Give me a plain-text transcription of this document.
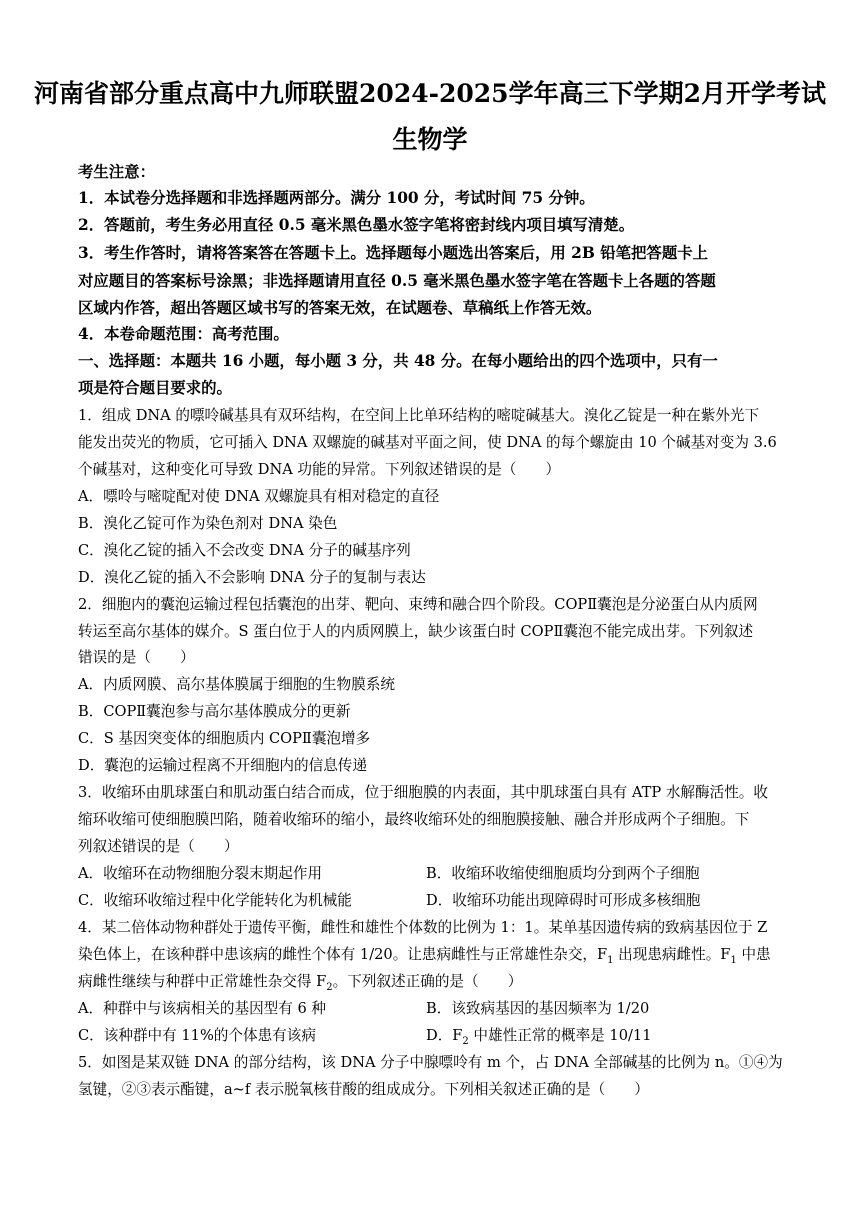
河南省部分重点高中九师联盟2024-2025学年高三下学期2月开学考试
生物学
考生注意：
1．本试卷分选择题和非选择题两部分。满分 100 分，考试时间 75 分钟。
2．答题前，考生务必用直径 0.5 毫米黑色墨水签字笔将密封线内项目填写清楚。
3．考生作答时，请将答案答在答题卡上。选择题每小题选出答案后，用 2B 铅笔把答题卡上
对应题目的答案标号涂黑；非选择题请用直径 0.5 毫米黑色墨水签字笔在答题卡上各题的答题
区域内作答，超出答题区域书写的答案无效，在试题卷、草稿纸上作答无效。
4．本卷命题范围：高考范围。
一、选择题：本题共 16 小题，每小题 3 分，共 48 分。在每小题给出的四个选项中，只有一
项是符合题目要求的。
1．组成 DNA 的嘌呤碱基具有双环结构，在空间上比单环结构的嘧啶碱基大。溴化乙锭是一种在紫外光下
能发出荧光的物质，它可插入 DNA 双螺旋的碱基对平面之间，使 DNA 的每个螺旋由 10 个碱基对变为 3.6
个碱基对，这种变化可导致 DNA 功能的异常。下列叙述错误的是（　　）
A．嘌呤与嘧啶配对使 DNA 双螺旋具有相对稳定的直径
B．溴化乙锭可作为染色剂对 DNA 染色
C．溴化乙锭的插入不会改变 DNA 分子的碱基序列
D．溴化乙锭的插入不会影响 DNA 分子的复制与表达
2．细胞内的囊泡运输过程包括囊泡的出芽、靶向、束缚和融合四个阶段。COPⅡ囊泡是分泌蛋白从内质网
转运至高尔基体的媒介。S 蛋白位于人的内质网膜上，缺少该蛋白时 COPⅡ囊泡不能完成出芽。下列叙述
错误的是（　　）
A．内质网膜、高尔基体膜属于细胞的生物膜系统
B．COPⅡ囊泡参与高尔基体膜成分的更新
C．S 基因突变体的细胞质内 COPⅡ囊泡增多
D．囊泡的运输过程离不开细胞内的信息传递
3．收缩环由肌球蛋白和肌动蛋白结合而成，位于细胞膜的内表面，其中肌球蛋白具有 ATP 水解酶活性。收
缩环收缩可使细胞膜凹陷，随着收缩环的缩小，最终收缩环处的细胞膜接触、融合并形成两个子细胞。下
列叙述错误的是（　　）
A．收缩环在动物细胞分裂末期起作用	B．收缩环收缩使细胞质均分到两个子细胞
C．收缩环收缩过程中化学能转化为机械能	D．收缩环功能出现障碍时可形成多核细胞
4．某二倍体动物种群处于遗传平衡，雌性和雄性个体数的比例为 1：1。某单基因遗传病的致病基因位于 Z
染色体上，在该种群中患该病的雌性个体有 1/20。让患病雌性与正常雄性杂交，$F_1$ 出现患病雌性。$F_1$ 中患
病雌性继续与种群中正常雄性杂交得 $F_2$。下列叙述正确的是（　　）
A．种群中与该病相关的基因型有 6 种	B．该致病基因的基因频率为 1/20
C．该种群中有 11%的个体患有该病	D．$F_2$ 中雄性正常的概率是 10/11
5．如图是某双链 DNA 的部分结构，该 DNA 分子中腺嘌呤有 m 个，占 DNA 全部碱基的比例为 n。①④为
氢键，②③表示酯键，a~f 表示脱氧核苷酸的组成成分。下列相关叙述正确的是（　　）
